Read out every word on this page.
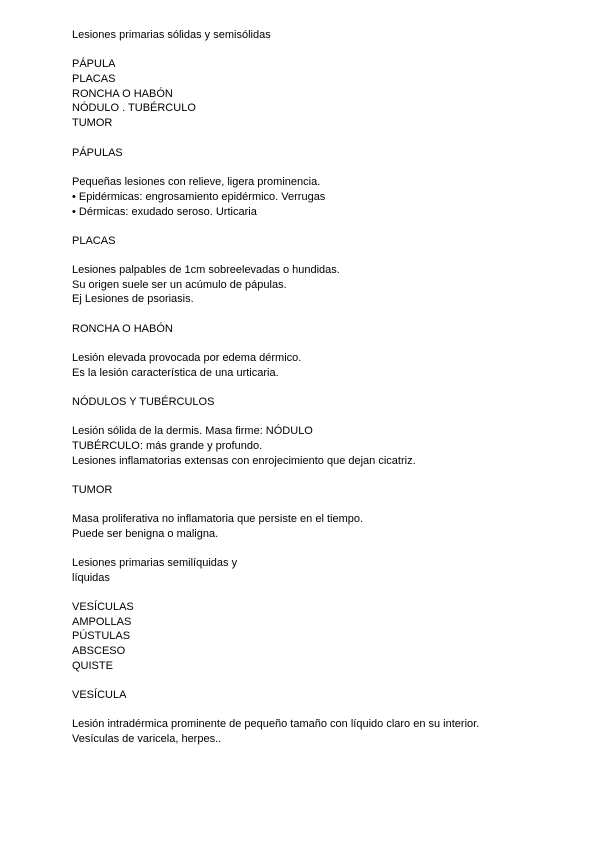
Lesiones primarias sólidas y semisólidas
PÁPULA
PLACAS
RONCHA O HABÓN
NÓDULO . TUBÉRCULO
TUMOR
PÁPULAS
Pequeñas lesiones con relieve, ligera prominencia.
• Epidérmicas: engrosamiento epidérmico. Verrugas
• Dérmicas: exudado seroso. Urticaria
PLACAS
Lesiones palpables de 1cm sobreelevadas o hundidas.
Su origen suele ser un acúmulo de pápulas.
Ej Lesiones de psoriasis.
RONCHA O HABÓN
Lesión elevada provocada por edema dérmico.
Es la lesión característica de una urticaria.
NÓDULOS Y TUBÉRCULOS
Lesión sólida de la dermis. Masa firme: NÓDULO
TUBÉRCULO: más grande y profundo.
Lesiones inflamatorias extensas con enrojecimiento que dejan cicatriz.
TUMOR
Masa proliferativa no inflamatoria que persiste en el tiempo.
Puede ser benigna o maligna.
Lesiones primarias semilíquidas y
líquidas
VESÍCULAS
AMPOLLAS
PÚSTULAS
ABSCESO
QUISTE
VESÍCULA
Lesión intradérmica prominente de pequeño tamaño con líquido claro en su interior.
Vesículas de varicela, herpes..
